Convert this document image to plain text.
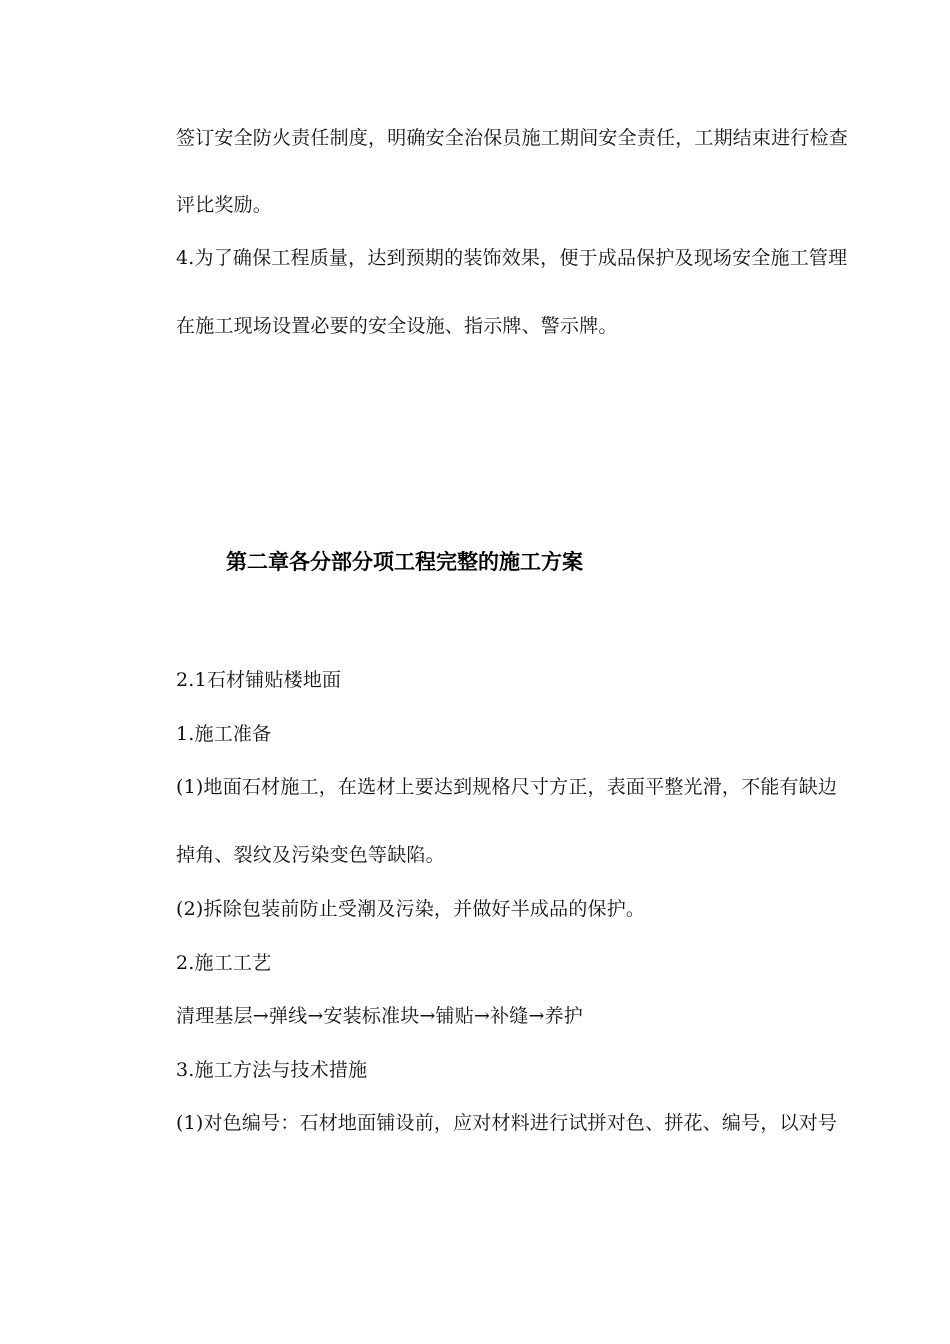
签订安全防火责任制度，明确安全治保员施工期间安全责任，工期结束进行检查
评比奖励。
4.为了确保工程质量，达到预期的装饰效果，便于成品保护及现场安全施工管理
在施工现场设置必要的安全设施、指示牌、警示牌。
第二章各分部分项工程完整的施工方案
2.1石材铺贴楼地面
1.施工准备
(1)地面石材施工，在选材上要达到规格尺寸方正，表面平整光滑，不能有缺边
掉角、裂纹及污染变色等缺陷。
(2)拆除包装前防止受潮及污染，并做好半成品的保护。
2.施工工艺
清理基层→弹线→安装标准块→铺贴→补缝→养护
3.施工方法与技术措施
(1)对色编号：石材地面铺设前，应对材料进行试拼对色、拼花、编号，以对号
